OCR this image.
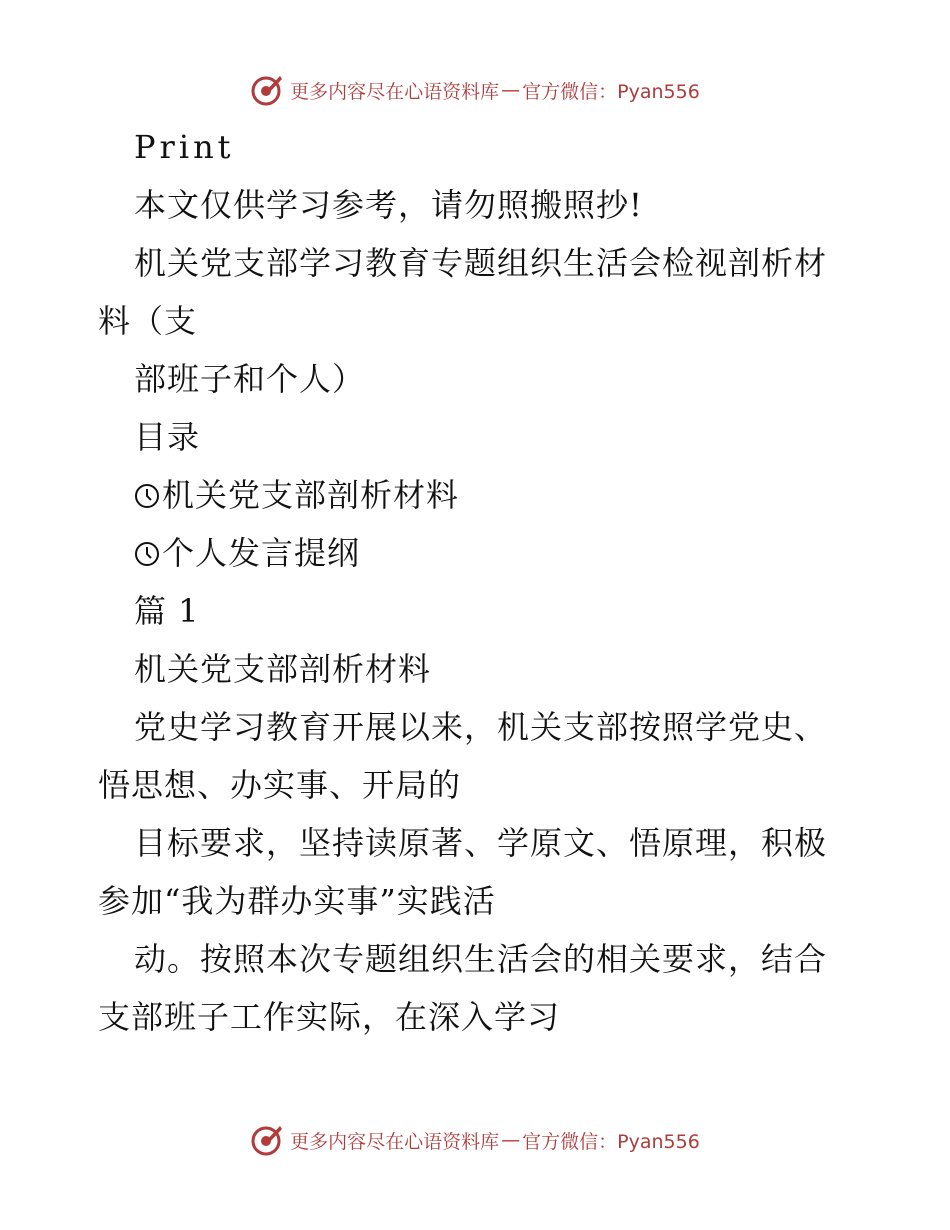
更多内容尽在心语资料库 — 官方微信：Pyan556
Print
本文仅供学习参考，请勿照搬照抄!
机关党支部学习教育专题组织生活会检视剖析材
料（支
部班子和个人）
目录
机关党支部剖析材料
个人发言提纲
篇 1
机关党支部剖析材料
党史学习教育开展以来，机关支部按照学党史、
悟思想、办实事、开局的
目标要求，坚持读原著、学原文、悟原理，积极
参加“我为群办实事”实践活
动。按照本次专题组织生活会的相关要求，结合
支部班子工作实际，在深入学习
更多内容尽在心语资料库 — 官方微信：Pyan556
